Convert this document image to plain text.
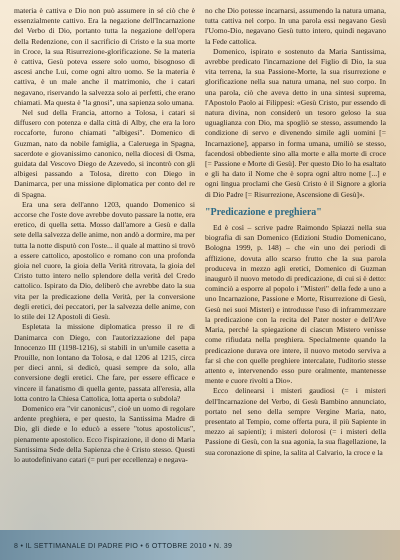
materia è cattiva e Dio non può assumere in sé ciò che è essenzialmente cattivo. Era la negazione dell'Incarnazione del Verbo di Dio, portanto tutta la negazione dell'opera della Redenzione, con il sacrificio di Cristo e la sua morte in Croce, la sua Risurrezione-glorificazione. Se la materia è cattiva, Gesù poteva essere solo uomo, bisognoso di ascesi anche Lui, come ogni altro uomo. Se la materia è cattiva, è un male anche il matrimonio, che i catari negavano, riservando la salvezza solo ai perfetti, che erano chiamati. Ma questa è "la gnosi", una sapienza solo umana.

Nel sud della Francia, attorno a Tolosa, i catari si diffusero con potenza e dalla città di Alby, che era la loro roccaforte, furono chiamati "albigesi". Domenico di Guzman, nato da nobile famiglia, a Caleruega in Spagna, sacerdote e giovanissimo canonico, nella diocesi di Osma, guidata dal Vescovo Diego de Azevedo, si incontrò con gli albigesi passando a Tolosa, diretto con Diego in Danimarca, per una missione diplomatica per conto del re di Spagna.

Era una sera dell'anno 1203, quando Domenico si accorse che l'oste dove avrebbe dovuto passare la notte, era eretico, di quella setta. Mosso dall'amore a Gesù e dalla sete della salvezza delle anime, non andò a dormire, ma per tutta la notte disputò con l'oste... il quale al mattino si trovò a essere cattolico, apostolico e romano con una profonda gioia nel cuore, la gioia della Verità ritrovata, la gioia del Cristo tutto intero nello splendore della verità del Credo cattolico. Ispirato da Dio, deliberò che avrebbe dato la sua vita per la predicazione della Verità, per la conversione degli eretici, dei peccatori, per la salvezza delle anime, con lo stile dei 12 Apostoli di Gesù.

Espletata la missione diplomatica presso il re di Danimarca con Diego, con l'autorizzazione del papa Innocenzo III (1198-1216), si stabilì in un'umile casetta a Prouille, non lontano da Tolosa, e dal 1206 al 1215, circa per dieci anni, si dedicò, quasi sempre da solo, alla conversione degli eretici. Che fare, per essere efficace e vincere il fanatismo di quella gente, passata all'eresia, alla lotta contro la Chiesa Cattolica, lotta aperta o subdola?

Domenico era "vir canonicus", cioè un uomo di regolare ardente preghiera, e per questo, la Santissima Madre di Dio, gli diede e lo educò a essere "totus apostolicus", pienamente apostolico. Ecco l'ispirazione, il dono di Maria Santissima Sede della Sapienza che è Cristo stesso. Questi lo autodefinivano catari (= puri per eccellenza) e negava-

no che Dio potesse incarnarsi, assumendo la natura umana, tutta cattiva nel corpo. In una parola essi negavano Gesù l'Uomo-Dio, negavano Gesù tutto intero, quindi negavano la Fede cattolica.

Domenico, ispirato e sostenuto da Maria Santissima, avrebbe predicato l'incarnazione del Figlio di Dio, la sua vita terrena, la sua Passione-Morte, la sua risurrezione e glorificazione nella sua natura umana, nel suo corpo. In una parola, ciò che aveva detto in una sintesi suprema, l'Apostolo Paolo ai Filippesi: «Gesù Cristo, pur essendo di natura divina, non considerò un tesoro geloso la sua uguaglianza con Dio, ma spogliò se stesso, assumendo la condizione di servo e divenendo simile agli uomini [= Incarnazione], apparso in forma umana, umiliò se stesso, facendosi obbediente sino alla morte e alla morte di croce [= Passione e Morte di Gesù]. Per questo Dio lo ha esaltato e gli ha dato il Nome che è sopra ogni altro nome [...] e ogni lingua proclami che Gesù Cristo è il Signore a gloria di Dio Padre [= Risurrezione, Ascensione di Gesù]».

"Predicazione e preghiera"

Ed è così – scrive padre Raimondo Spiazzi nella sua biografia di san Domenico (Edizioni Studio Domenicano, Bologna 1999, p. 148) – che «in uno dei periodi di afflizione, dovuta allo scarso frutto che la sua parola produceva in mezzo agli eretici, Domenico di Guzman inaugurò il nuovo metodo di predicazione, di cui si è detto: cominciò a esporre al popolo i "Misteri" della fede a uno a uno Incarnazione, Passione e Morte, Risurrezione di Gesù, Gesù nei suoi Misteri) e introdusse l'uso di inframmezzare la predicazione con la recita del Pater noster e dell'Ave Maria, perché la spiegazione di ciascun Mistero venisse come rifiudata nella preghiera. Specialmente quando la predicazione durava ore intere, il nuovo metodo serviva a far sì che con quelle preghiere intercalate, l'uditorio stesse attento e, intervenendo esso pure oralmente, mantenesse mente e cuore rivolti a Dio».

Ecco delinearsi i misteri gaudiosi (= i misteri dell'Incarnazione del Verbo, di Gesù Bambino annunciato, portato nel seno della sempre Vergine Maria, nato, presentato al Tempio, come offerta pura, il più Sapiente in mezzo ai sapienti); i misteri dolorosi (= i misteri della Passione di Gesù, con la sua agonia, la sua flagellazione, la sua coronazione di spine, la salita al Calvario, la croce e la

8 • IL SETTIMANALE DI PADRE PIO • 6 OTTOBRE 2010 • N. 39
